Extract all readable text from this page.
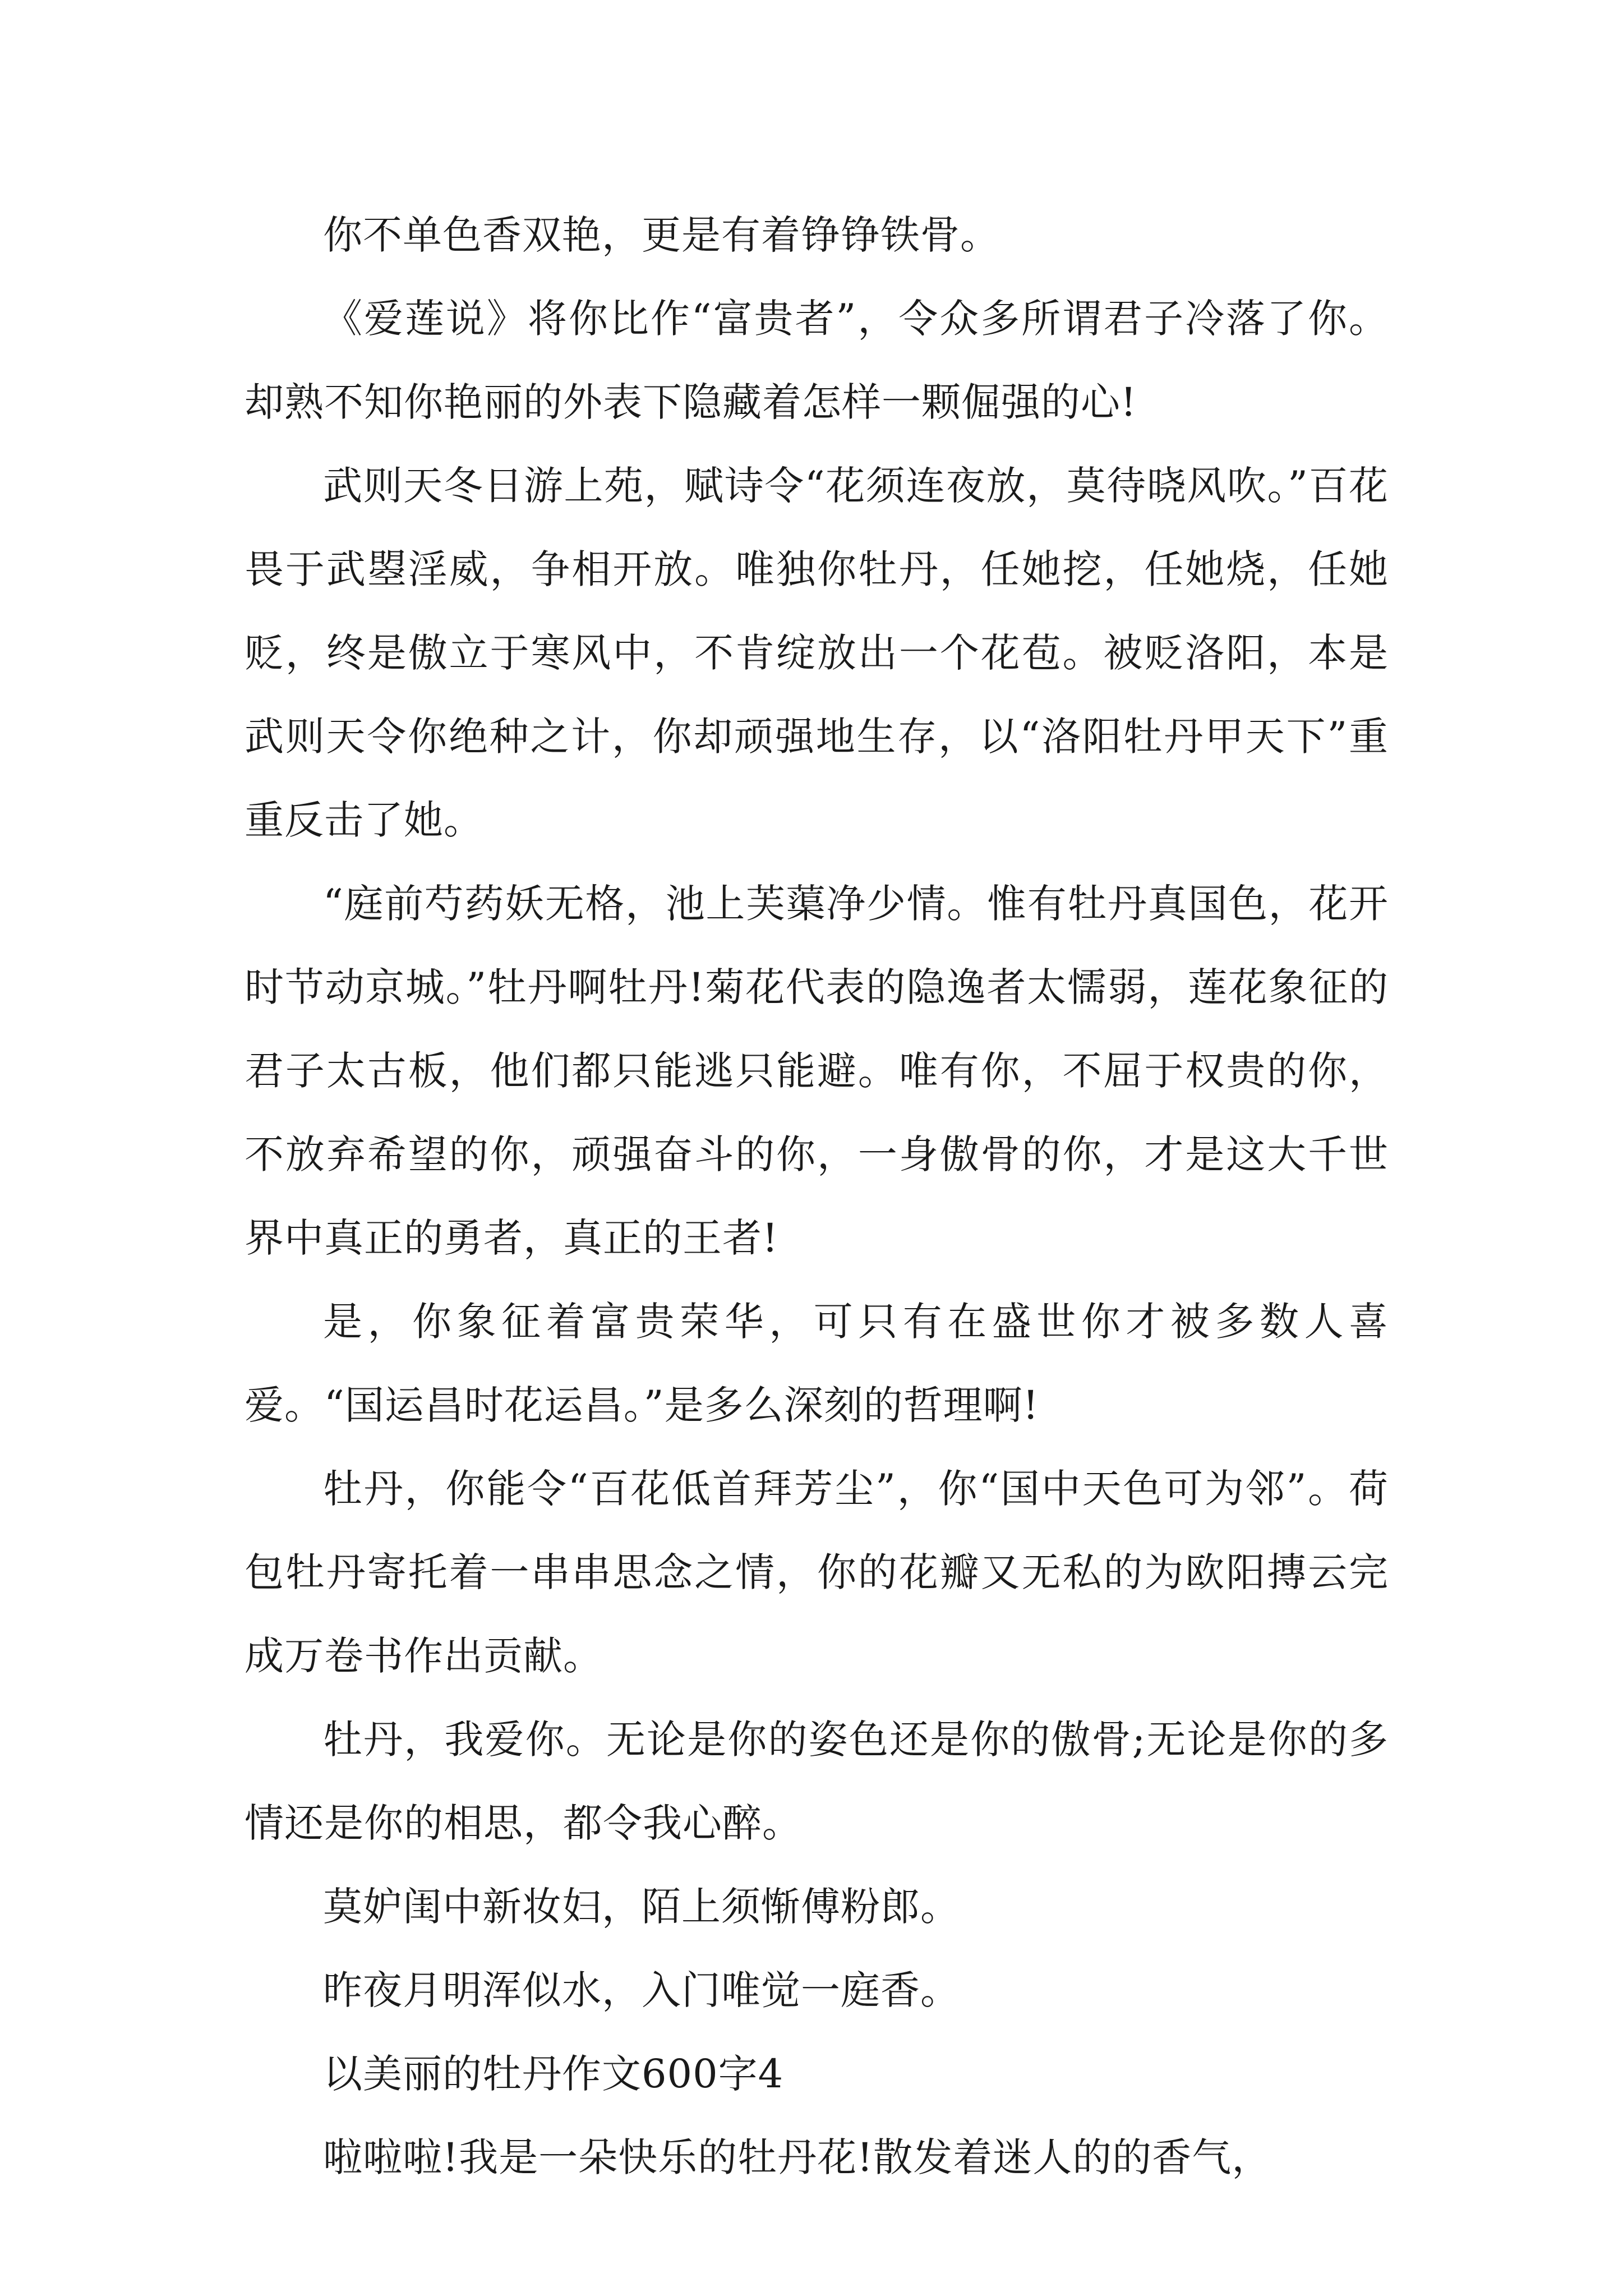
你不单色香双艳，更是有着铮铮铁骨。

《爱莲说》将你比作“富贵者”，令众多所谓君子冷落了你。却熟不知你艳丽的外表下隐藏着怎样一颗倔强的心!

武则天冬日游上苑，赋诗令“花须连夜放，莫待晓风吹。”百花畏于武曌淫威，争相开放。唯独你牡丹，任她挖，任她烧，任她贬，终是傲立于寒风中，不肯绽放出一个花苞。被贬洛阳，本是武则天令你绝种之计，你却顽强地生存，以“洛阳牡丹甲天下”重重反击了她。

“庭前芍药妖无格，池上芙蕖净少情。惟有牡丹真国色，花开时节动京城。”牡丹啊牡丹!菊花代表的隐逸者太懦弱，莲花象征的君子太古板，他们都只能逃只能避。唯有你，不屈于权贵的你，不放弃希望的你，顽强奋斗的你，一身傲骨的你，才是这大千世界中真正的勇者，真正的王者!

是，你象征着富贵荣华，可只有在盛世你才被多数人喜爱。“国运昌时花运昌。”是多么深刻的哲理啊!

牡丹，你能令“百花低首拜芳尘”，你“国中天色可为邻”。荷包牡丹寄托着一串串思念之情，你的花瓣又无私的为欧阳摶云完成万卷书作出贡献。

牡丹，我爱你。无论是你的姿色还是你的傲骨;无论是你的多情还是你的相思，都令我心醉。

莫妒闺中新妆妇，陌上须惭傅粉郎。

昨夜月明浑似水，入门唯觉一庭香。

以美丽的牡丹作文600字4

啦啦啦!我是一朵快乐的牡丹花!散发着迷人的的香气，
